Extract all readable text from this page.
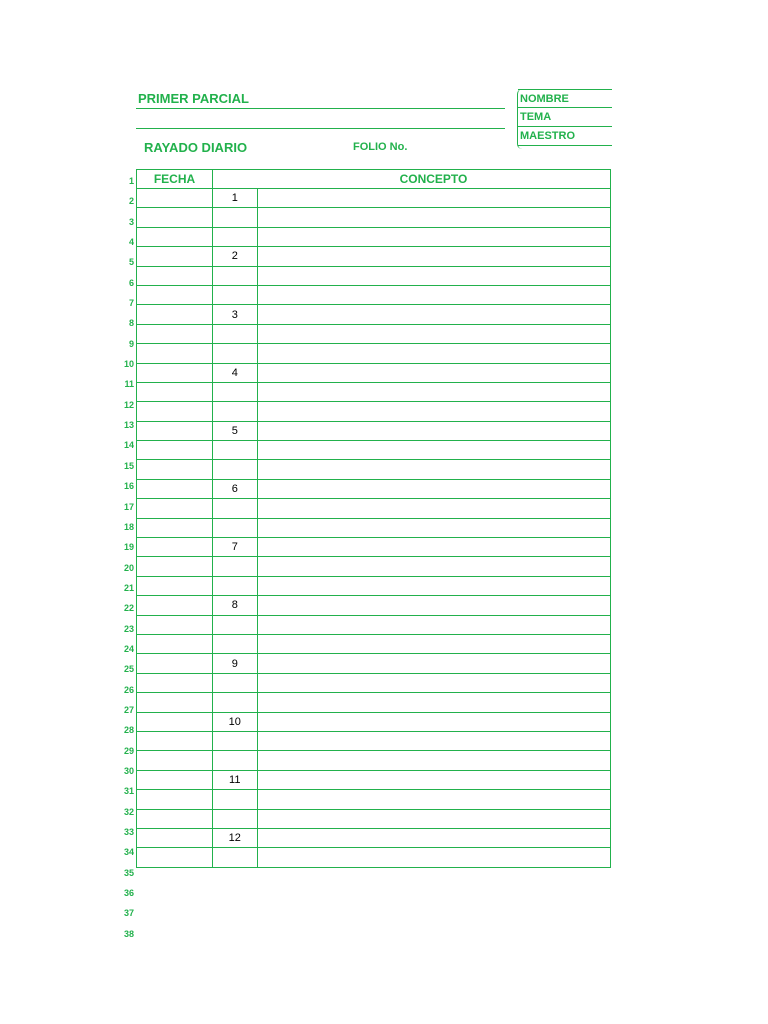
PRIMER PARCIAL
RAYADO DIARIO	FOLIO No.
NOMBRE
TEMA
MAESTRO
1
2
3
4
5
6
7
8
9
10
11
12
13
14
15
16
17
18
19
20
21
22
23
24
25
26
27
28
29
30
31
32
33
34
35
36
37
38
FECHA		CONCEPTO
	1	

	2	

	3	

	4	

	5	

	6	

	7	

	8	

	9	

	10	

	11	

	12	
